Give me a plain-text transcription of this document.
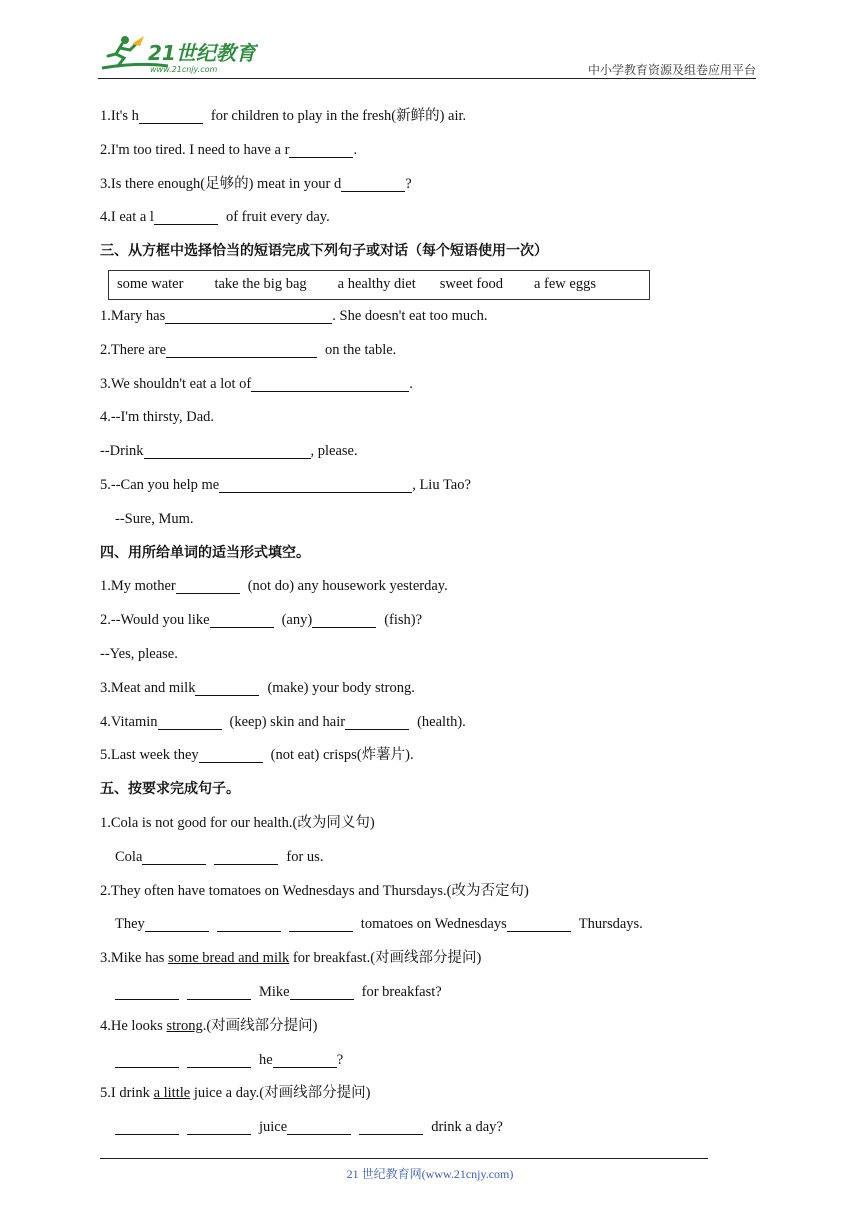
21世纪教育
www.21cnjy.com	中小学教育资源及组卷应用平台
1.It's h	for children to play in the fresh(新鲜的) air.
2.I'm too tired. I need to have a r	.
3.Is there enough(足够的) meat in your d	?
4.I eat a l	of fruit every day.
三、从方框中选择恰当的短语完成下列句子或对话（每个短语使用一次）
some water take the big bag a healthy diet sweet food a few eggs
1.Mary has	. She doesn't eat too much.
2.There are	on the table.
3.We shouldn't eat a lot of	.
4.--I'm thirsty, Dad.
--Drink	, please.
5.--Can you help me	, Liu Tao?
--Sure, Mum.
四、用所给单词的适当形式填空。
1.My mother	(not do) any housework yesterday.
2.--Would you like	(any)	(fish)?
--Yes, please.
3.Meat and milk	(make) your body strong.
4.Vitamin	(keep) skin and hair	(health).
5.Last week they	(not eat) crisps(炸薯片).
五、按要求完成句子。
1.Cola is not good for our health.(改为同义句)
Cola	for us.
2.They often have tomatoes on Wednesdays and Thursdays.(改为否定句)
They	tomatoes on Wednesdays	Thursdays.
3.Mike has some bread and milk for breakfast.(对画线部分提问)
Mike	for breakfast?
4.He looks strong.(对画线部分提问)
he	?
5.I drink a little juice a day.(对画线部分提问)
juice	drink a day?
21 世纪教育网(www.21cnjy.com)
